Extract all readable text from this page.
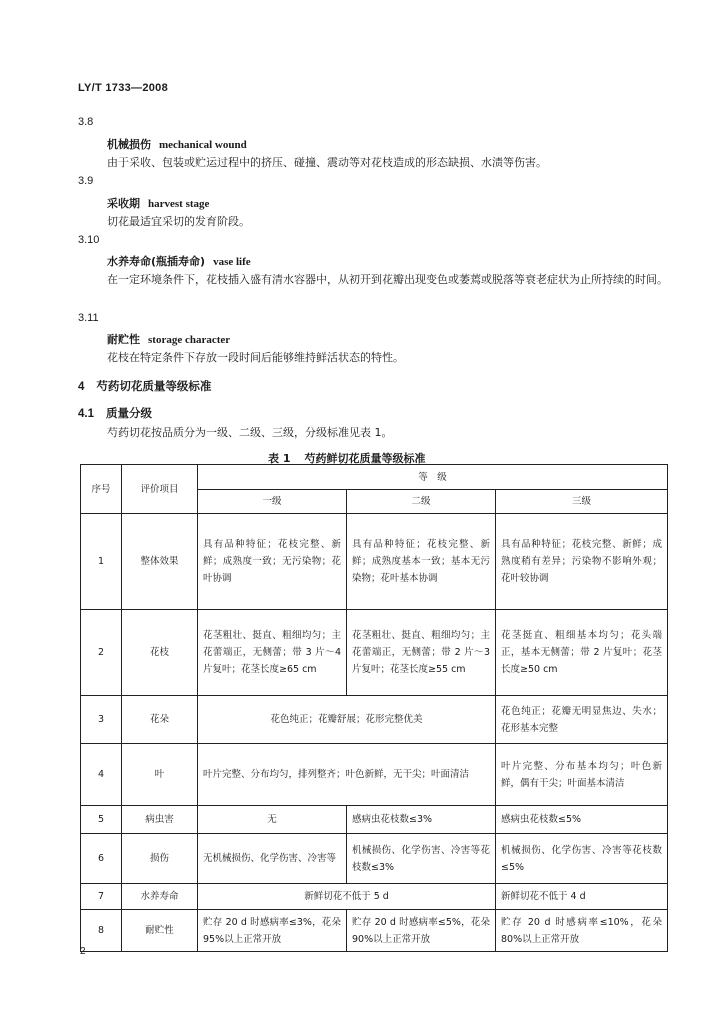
LY/T 1733—2008
3.8
机械损伤 mechanical wound
由于采收、包装或贮运过程中的挤压、碰撞、震动等对花枝造成的形态缺损、水渍等伤害。
3.9
采收期 harvest stage
切花最适宜采切的发育阶段。
3.10
水养寿命(瓶插寿命) vase life
在一定环境条件下，花枝插入盛有清水容器中，从初开到花瓣出现变色或萎蔫或脱落等衰老症状为止所持续的时间。
3.11
耐贮性 storage character
花枝在特定条件下存放一段时间后能够维持鲜活状态的特性。
4 芍药切花质量等级标准
4.1 质量分级
芍药切花按品质分为一级、二级、三级，分级标准见表 1。
表 1 芍药鲜切花质量等级标准
序号	评价项目	等　级		
		一级	二级	三级
1	整体效果	具有品种特征；花枝完整、新鲜；成熟度一致；无污染物；花叶协调	具有品种特征；花枝完整、新鲜；成熟度基本一致；基本无污染物；花叶基本协调	具有品种特征；花枝完整、新鲜；成熟度稍有差异；污染物不影响外观；花叶较协调
2	花枝	花茎粗壮、挺直、粗细均匀；主花蕾端正，无侧蕾；带 3 片～4 片复叶；花茎长度≥65 cm	花茎粗壮、挺直、粗细均匀；主花蕾端正，无侧蕾；带 2 片～3 片复叶；花茎长度≥55 cm	花茎挺直、粗细基本均匀；花头端正，基本无侧蕾；带 2 片复叶；花茎长度≥50 cm
3	花朵	花色纯正；花瓣舒展；花形完整优美		花色纯正；花瓣无明显焦边、失水；花形基本完整
4	叶	叶片完整、分布均匀，排列整齐；叶色新鲜，无干尖；叶面清洁		叶片完整、分布基本均匀；叶色新鲜，偶有干尖；叶面基本清洁
5	病虫害	无	感病虫花枝数≤3%	感病虫花枝数≤5%
6	损伤	无机械损伤、化学伤害、冷害等	机械损伤、化学伤害、冷害等花枝数≤3%	机械损伤、化学伤害、冷害等花枝数≤5%
7	水养寿命	新鲜切花不低于 5 d		新鲜切花不低于 4 d
8	耐贮性	贮存 20 d 时感病率≤3%，花朵 95%以上正常开放	贮存 20 d 时感病率≤5%，花朵 90%以上正常开放	贮存 20 d 时感病率≤10%，花朵 80%以上正常开放
2
